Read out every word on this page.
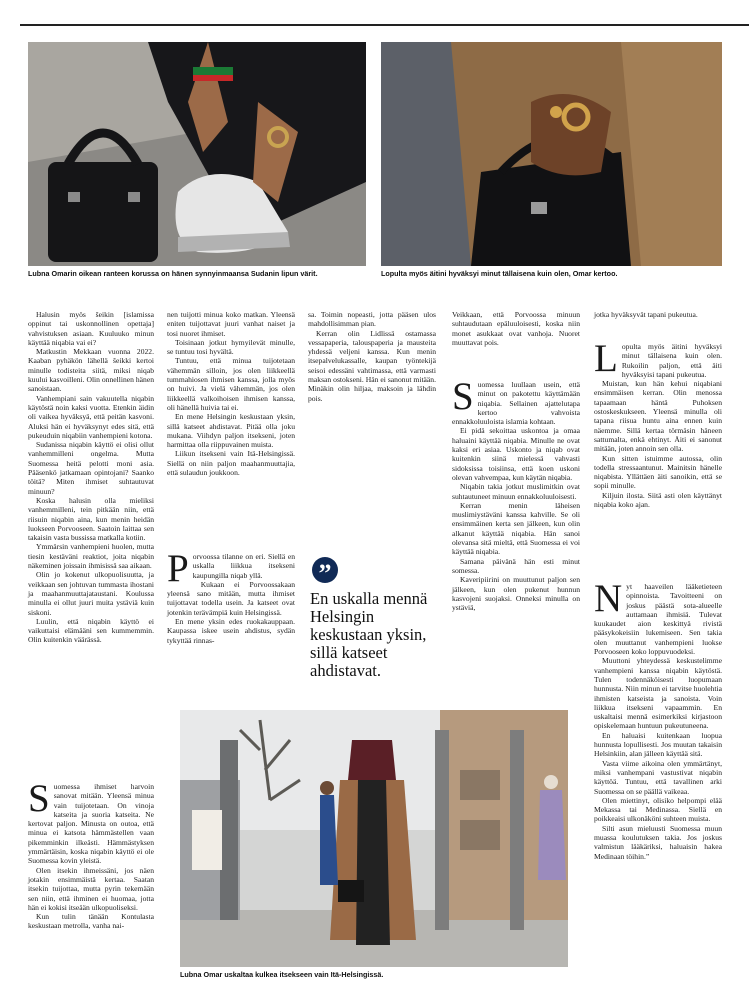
Lubna Omarin oikean ranteen korussa on hänen synnyinmaansa Sudanin lipun värit.	Lopulta myös äitini hyväksyi minut tällaisena kuin olen, Omar kertoo.

Halusin myös šeikin [islamissa oppinut tai uskonnollinen opettaja] vahvistuksen asiaan. Kuuluuko minun käyttää niqabia vai ei?

Matkustin Mekkaan vuonna 2022. Kaaban pyhäkön lähellä šeikki kertoi minulle todisteita siitä, miksi niqab kuului kasvoilleni. Olin onnellinen hänen sanoistaan.

Vanhempiani sain vakuutella niqabin käytöstä noin kaksi vuotta. Etenkin äidin oli vaikea hyväksyä, että peitän kasvoni. Aluksi hän ei hyväksynyt edes sitä, että pukeuduin niqabiin vanhempieni kotona.

Sudanissa niqabin käyttö ei olisi ollut vanhemmilleni ongelma. Mutta Suomessa heitä pelotti moni asia. Pääsenkö jatkamaan opintojani? Saanko töitä? Miten ihmiset suhtautuvat minuun?

Koska halusin olla mieliksi vanhemmilleni, tein pitkään niin, että riisuin niqabin aina, kun menin heidän luokseen Porvooseen. Saatoin laittaa sen takaisin vasta bussissa matkalla kotiin.

Ymmärsin vanhempieni huolen, mutta tiesin kestäväni reaktiot, joita niqabin näkeminen joissain ihmisissä saa aikaan.

Olin jo kokenut ulkopuolisuutta, ja veikkaan sen johtuvan tummasta ihostani ja maahanmuuttajataustani. Koulussa minulla ei ollut juuri muita ystäviä kuin siskoni.

Luulin, että niqabin käyttö ei vaikuttaisi elämääni sen kummemmin. Olin kuitenkin väärässä.

Suomessa ihmiset harvoin sanovat mitään. Yleensä minua vain tuijotetaan. On vinoja katseita ja suoria katseita. Ne kertovat paljon. Minusta on outoa, että minua ei katsota hämmästellen vaan pikemminkin ilkeästi. Hämmästyksen ymmärtäisin, koska niqabin käyttö ei ole Suomessa kovin yleistä.

Olen itsekin ihmeissäni, jos näen jotakin ensimmäistä kertaa. Saatan itsekin tuijottaa, mutta pyrin tekemään sen niin, että ihminen ei huomaa, jotta hän ei kokisi itseään ulkopuoliseksi.

Kun tulin tänään Kontulasta keskustaan metrolla, vanha nai-

nen tuijotti minua koko matkan. Yleensä eniten tuijottavat juuri vanhat naiset ja tosi nuoret ihmiset.

Toisinaan jotkut hymyilevät minulle, se tuntuu tosi hyvältä.

Tuntuu, että minua tuijotetaan vähemmän silloin, jos olen liikkeellä tummahiosen ihmisen kanssa, jolla myös on huivi. Ja vielä vähemmän, jos olen liikkeellä valkoihoisen ihmisen kanssa, oli hänellä huivia tai ei.

En mene Helsingin keskustaan yksin, sillä katseet ahdistavat. Pitää olla joku mukana. Viihdyn paljon itsekseni, joten harmittaa olla riippuvainen muista.

Liikun itsekseni vain Itä-Helsingissä. Siellä on niin paljon maahanmuuttajia, että sulaudun joukkoon.

Porvoossa tilanne on eri. Siellä en uskalla liikkua itsekseni kaupungilla niqab yllä.

Kukaan ei Porvoossakaan yleensä sano mitään, mutta ihmiset tuijottavat todella usein. Ja katseet ovat jotenkin terävämpiä kuin Helsingissä.

En mene yksin edes ruokakauppaan. Kaupassa iskee usein ahdistus, sydän tykyttää rinnas-

sa. Toimin nopeasti, jotta pääsen ulos mahdollisimman pian.

Kerran olin Lidlissä ostamassa vessapaperia, talouspaperia ja mausteita yhdessä veljeni kanssa. Kun menin itsepalvelukassalle, kaupan työntekijä seisoi edessäni vahtimassa, että varmasti maksan ostokseni. Hän ei sanonut mitään. Minäkin olin hiljaa, maksoin ja lähdin pois.

”
En uskalla mennä Helsingin keskustaan yksin, sillä katseet ahdistavat.

Veikkaan, että Porvoossa minuun suhtaudutaan epäluuloisesti, koska niin monet asukkaat ovat vanhoja. Nuoret muuttavat pois.

Suomessa luullaan usein, että minut on pakotettu käyttämään niqabia. Sellainen ajattelutapa kertoo vahvoista ennakkoluuloista islamia kohtaan.

Ei pidä sekoittaa uskontoa ja omaa haluaini käyttää niqabia. Minulle ne ovat kaksi eri asiaa. Uskonto ja niqab ovat kuitenkin siinä mielessä vahvasti sidoksissa toisiinsa, että koen uskoni olevan vahvempaa, kun käytän niqabia.

Niqabin takia jotkut muslimitkin ovat suhtautuneet minuun ennakkoluuloisesti.

Kerran menin läheisen muslimiystäväni kanssa kahville. Se oli ensimmäinen kerta sen jälkeen, kun olin alkanut käyttää niqabia. Hän sanoi olevansa sitä mieltä, että Suomessa ei voi käyttää niqabia.

Samana päivänä hän esti minut somessa.

Kaveripiirini on muuttunut paljon sen jälkeen, kun olen pukenut hunnun kasvojeni suojaksi. Onneksi minulla on ystäviä,

jotka hyväksyvät tapani pukeutua.

Lopulta myös äitini hyväksyi minut tällaisena kuin olen. Rukoilin paljon, että äiti hyväksyisi tapani pukeutua.

Muistan, kun hän kehui niqabiani ensimmäisen kerran. Olin menossa tapaamaan häntä Puhoksen ostoskeskukseen. Yleensä minulla oli tapana riisua huntu aina ennen kuin näemme. Sillä kertaa törmäsin häneen sattumalta, enkä ehtinyt. Äiti ei sanonut mitään, joten annoin sen olla.

Kun sitten istuimme autossa, olin todella stressaantunut. Mainitsin hänelle niqabista. Yllättäen äiti sanoikin, että se sopii minulle.

Kiljuin ilosta. Siitä asti olen käyttänyt niqabia koko ajan.

Nyt haaveilen lääketieteen opinnoista. Tavoitteeni on joskus päästä sota-alueelle auttamaan ihmisiä. Tulevat kuukaudet aion keskittyä rivistä pääsykokeisiin lukemiseen. Sen takia olen muuttanut vanhempieni luokse Porvooseen koko loppuvuodeksi.

Muuttoni yhteydessä keskustelimme vanhempieni kanssa niqabin käytöstä. Tulen todennäköisesti luopumaan hunnusta. Niin minun ei tarvitse huolehtia ihmisten katseista ja sanoista. Voin liikkua itsekseni vapaammin. En uskaltaisi mennä esimerkiksi kirjastoon opiskelemaan huntuun pukeutuneena.

En haluaisi kuitenkaan luopua hunnusta lopullisesti. Jos muutan takaisin Helsinkiin, alan jälleen käyttää sitä.

Vasta viime aikoina olen ymmärtänyt, miksi vanhempani vastustivat niqabin käyttöä. Tuntuu, että tavallinen arki Suomessa on se päällä vaikeaa.

Olen miettinyt, olisiko helpompi elää Mekassa tai Medinassa. Siellä en poikkeaisi ulkonäköni suhteen muista.

Silti asun mieluusti Suomessa muun muassa koulutuksen takia. Jos joskus valmistun lääkäriksi, haluaisin hakea Medinaan töihin.”

Lubna Omar uskaltaa kulkea itsekseen vain Itä-Helsingissä.
